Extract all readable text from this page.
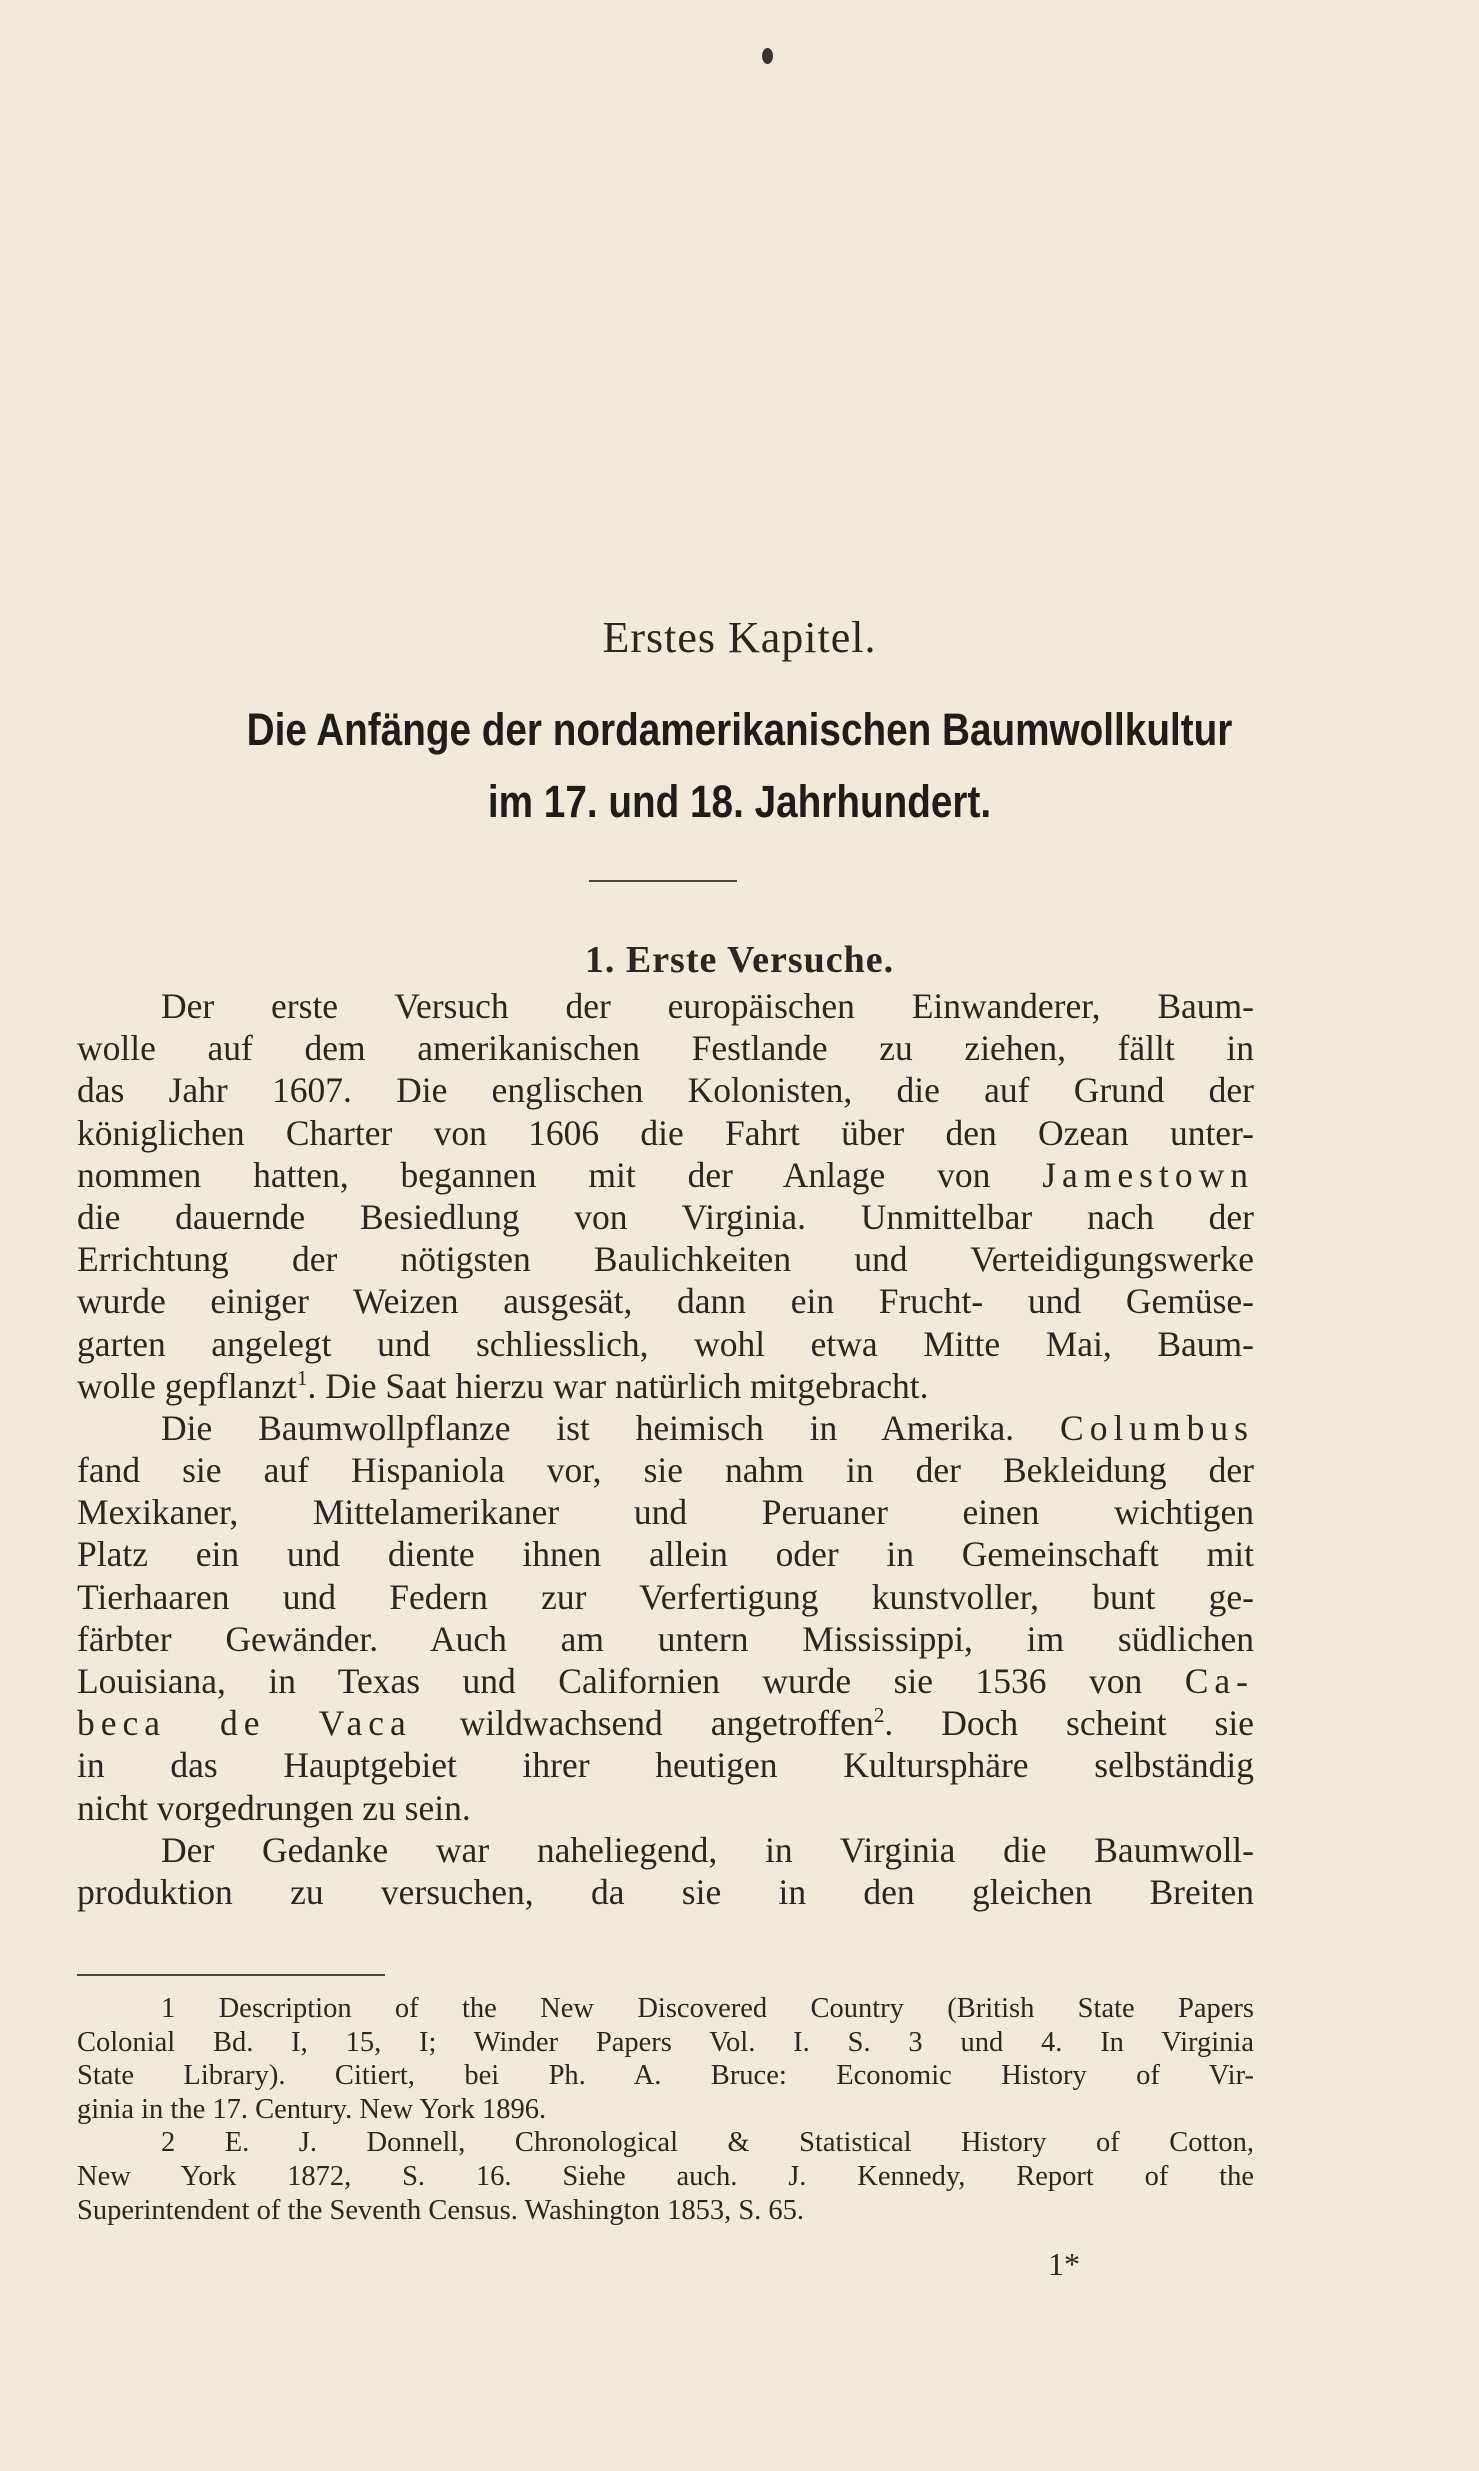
Erstes Kapitel.
Die Anfänge der nordamerikanischen Baumwollkultur
im 17. und 18. Jahrhundert.
1. Erste Versuche.
Der erste Versuch der europäischen Einwanderer, Baum-
wolle auf dem amerikanischen Festlande zu ziehen, fällt in
das Jahr 1607. Die englischen Kolonisten, die auf Grund der
königlichen Charter von 1606 die Fahrt über den Ozean unter-
nommen hatten, begannen mit der Anlage von Jamestown
die dauernde Besiedlung von Virginia. Unmittelbar nach der
Errichtung der nötigsten Baulichkeiten und Verteidigungswerke
wurde einiger Weizen ausgesät, dann ein Frucht- und Gemüse-
garten angelegt und schliesslich, wohl etwa Mitte Mai, Baum-
wolle gepflanzt$^1$. Die Saat hierzu war natürlich mitgebracht.
Die Baumwollpflanze ist heimisch in Amerika. Columbus
fand sie auf Hispaniola vor, sie nahm in der Bekleidung der
Mexikaner, Mittelamerikaner und Peruaner einen wichtigen
Platz ein und diente ihnen allein oder in Gemeinschaft mit
Tierhaaren und Federn zur Verfertigung kunstvoller, bunt ge-
färbter Gewänder. Auch am untern Mississippi, im südlichen
Louisiana, in Texas und Californien wurde sie 1536 von Ca-
beca de Vaca wildwachsend angetroffen$^2$. Doch scheint sie
in das Hauptgebiet ihrer heutigen Kultursphäre selbständig
nicht vorgedrungen zu sein.
Der Gedanke war naheliegend, in Virginia die Baumwoll-
produktion zu versuchen, da sie in den gleichen Breiten
1 Description of the New Discovered Country (British State Papers
Colonial Bd. I, 15, I; Winder Papers Vol. I. S. 3 und 4. In Virginia
State Library). Citiert, bei Ph. A. Bruce: Economic History of Vir-
ginia in the 17. Century. New York 1896.
2 E. J. Donnell, Chronological & Statistical History of Cotton,
New York 1872, S. 16. Siehe auch. J. Kennedy, Report of the
Superintendent of the Seventh Census. Washington 1853, S. 65.
1*
